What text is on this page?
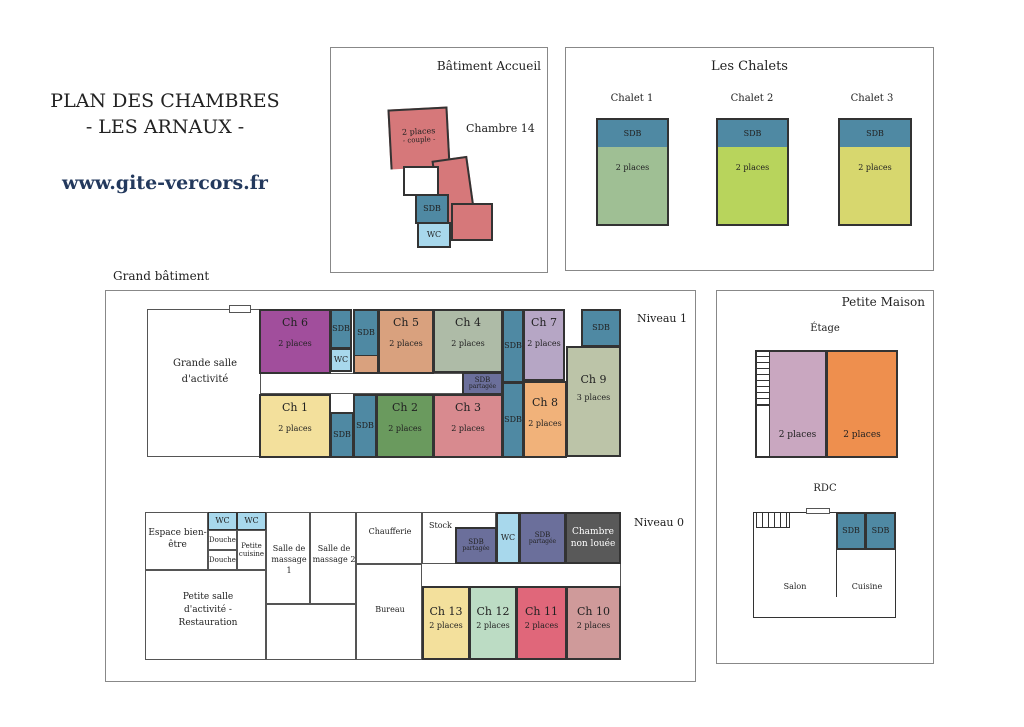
PLAN DES CHAMBRES
- LES ARNAUX -
www.gite-vercors.fr
Bâtiment Accueil
Chambre 14
2 places
- couple -
SDB
WC
Les Chalets
Chalet 1	Chalet 2	Chalet 3
SDB
2 places
SDB
2 places
SDB
2 places
Grand bâtiment
Niveau 1
Grande salle d'activité
Ch 6
2 places
SDB
WC
SDB
Ch 5
2 places
Ch 4
2 places
SDB
partagée
SDB
Ch 7
2 places
SDB
Ch 9
3 places
Ch 1
2 places
SDB
SDB
Ch 2
2 places
Ch 3
2 places
SDB
Ch 8
2 places
Niveau 0
Espace bien-être
WC WC
Douche
Douche
Petite cuisine
Salle de massage 1
Salle de massage 2
Chaufferie
Stock
SDB
partagée
WC	SDB
partagée
Chambre non louée
Petite salle d'activité - Restauration
Bureau	Ch 13
2 places
Ch 12
2 places
Ch 11
2 places
Ch 10
2 places
Petite Maison
Étage
RDC
2 places	2 places
SDB SDB
Salon	Cuisine
